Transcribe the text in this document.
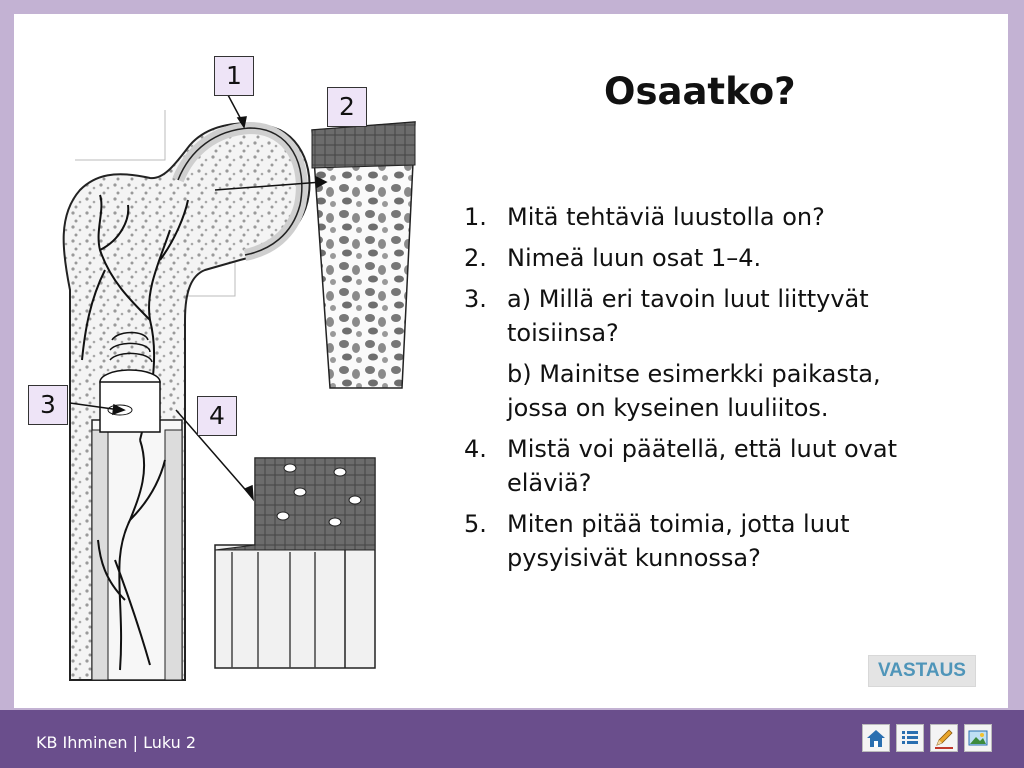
1
2
3	4
Osaatko?
1. Mitä tehtäviä luustolla on?
2. Nimeä luun osat 1–4.
3. a) Millä eri tavoin luut liittyvät toisiinsa?
b) Mainitse esimerkki paikasta, jossa on kyseinen luuliitos.
4. Mistä voi päätellä, että luut ovat eläviä?
5. Miten pitää toimia, jotta luut pysyisivät kunnossa?
VASTAUS
KB Ihminen | Luku 2
